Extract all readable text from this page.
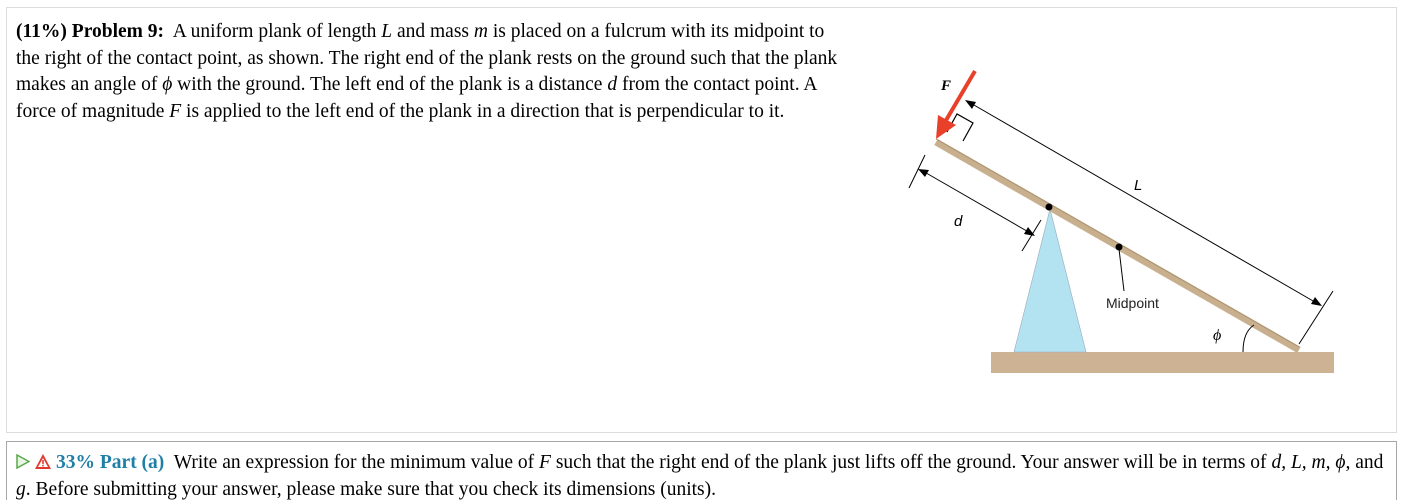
(11%) Problem 9: A uniform plank of length L and mass m is placed on a fulcrum with its midpoint to the right of the contact point, as shown. The right end of the plank rests on the ground such that the plank makes an angle of ϕ with the ground. The left end of the plank is a distance d from the contact point. A force of magnitude F is applied to the left end of the plank in a direction that is perpendicular to it.
Midpoint
F
L
d
ϕ
33% Part (a) Write an expression for the minimum value of F such that the right end of the plank just lifts off the ground. Your answer will be in terms of d, L, m, ϕ, and g. Before submitting your answer, please make sure that you check its dimensions (units).
